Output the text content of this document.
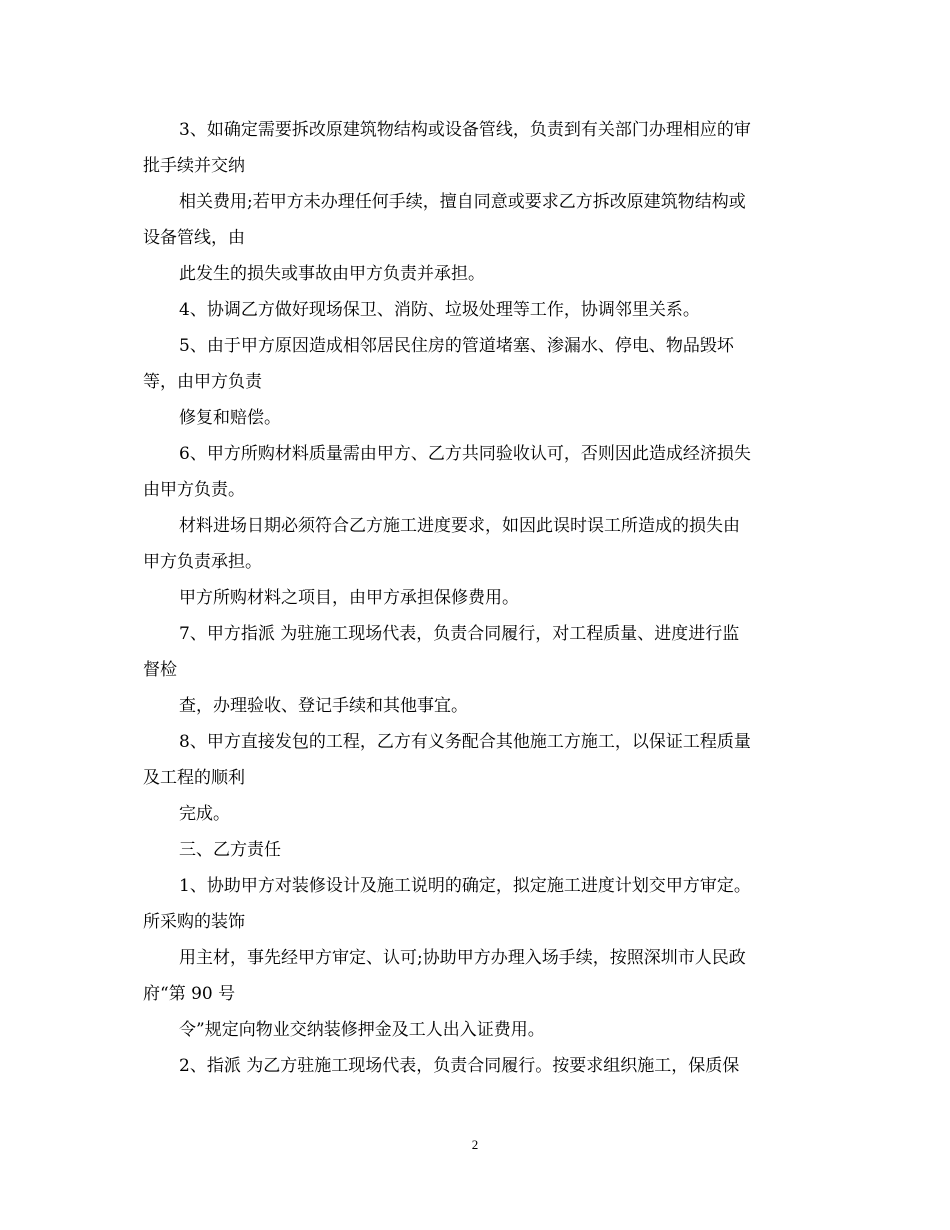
3、如确定需要拆改原建筑物结构或设备管线，负责到有关部门办理相应的审
批手续并交纳
相关费用;若甲方未办理任何手续，擅自同意或要求乙方拆改原建筑物结构或
设备管线，由
此发生的损失或事故由甲方负责并承担。
4、协调乙方做好现场保卫、消防、垃圾处理等工作，协调邻里关系。
5、由于甲方原因造成相邻居民住房的管道堵塞、渗漏水、停电、物品毁坏
等，由甲方负责
修复和赔偿。
6、甲方所购材料质量需由甲方、乙方共同验收认可，否则因此造成经济损失
由甲方负责。
材料进场日期必须符合乙方施工进度要求，如因此误时误工所造成的损失由
甲方负责承担。
甲方所购材料之项目，由甲方承担保修费用。
7、甲方指派 为驻施工现场代表，负责合同履行，对工程质量、进度进行监
督检
查，办理验收、登记手续和其他事宜。
8、甲方直接发包的工程，乙方有义务配合其他施工方施工，以保证工程质量
及工程的顺利
完成。
三、乙方责任
1、协助甲方对装修设计及施工说明的确定，拟定施工进度计划交甲方审定。
所采购的装饰
用主材，事先经甲方审定、认可;协助甲方办理入场手续，按照深圳市人民政
府“第 90 号
令”规定向物业交纳装修押金及工人出入证费用。
2、指派 为乙方驻施工现场代表，负责合同履行。按要求组织施工，保质保
2
